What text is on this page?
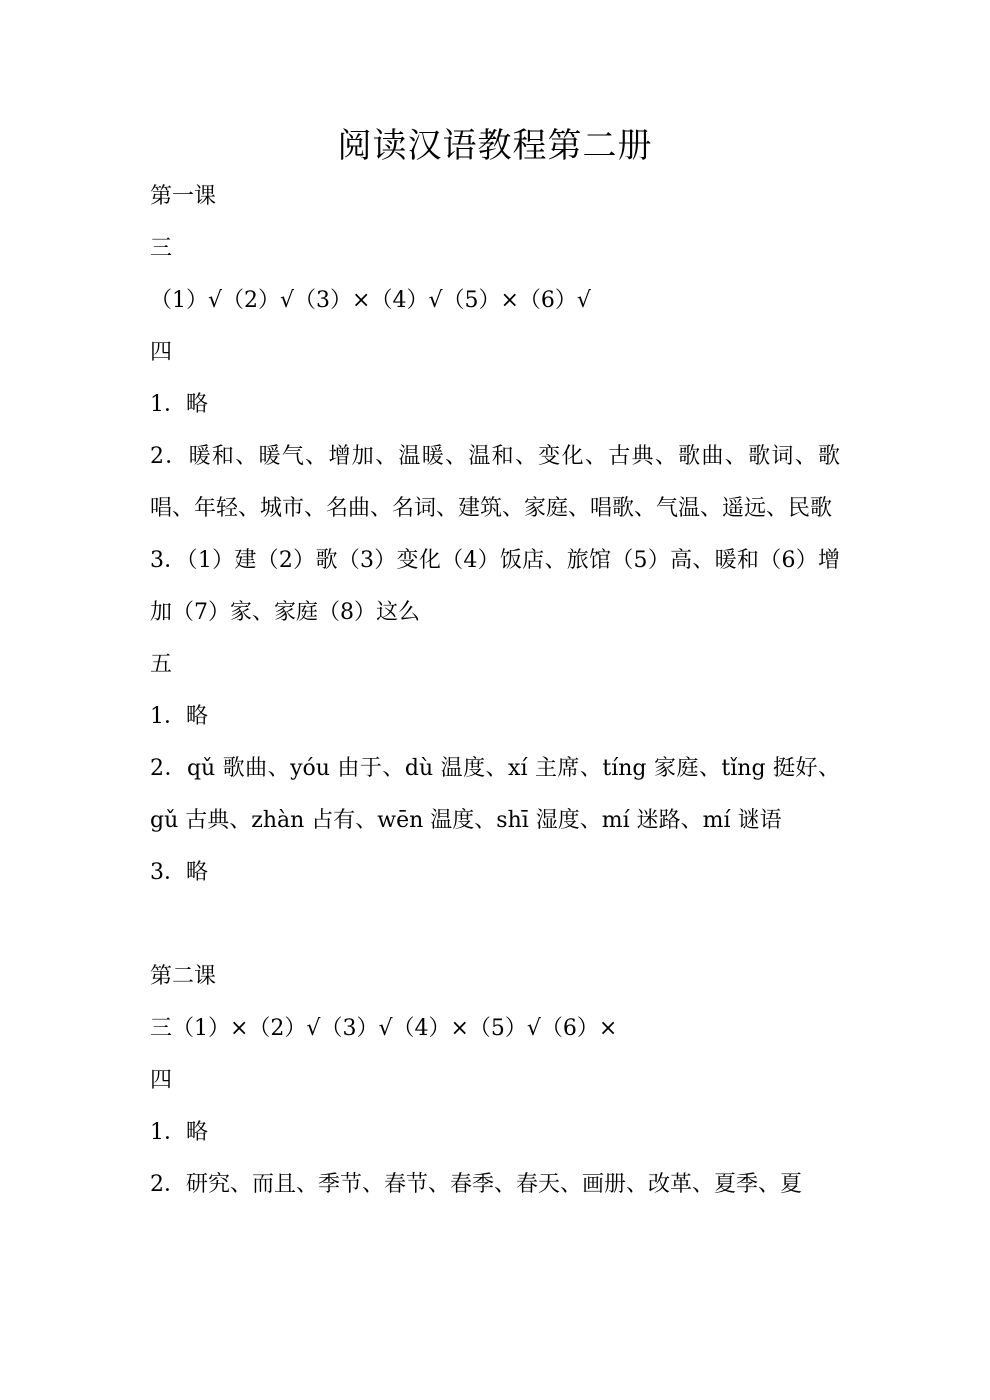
阅读汉语教程第二册
第一课
三
（1）√（2）√（3）×（4）√（5）×（6）√
四
1．略
2．暖和、暖气、增加、温暖、温和、变化、古典、歌曲、歌词、歌唱、年轻、城市、名曲、名词、建筑、家庭、唱歌、气温、遥远、民歌
3．（1）建（2）歌（3）变化（4）饭店、旅馆（5）高、暖和（6）增加（7）家、家庭（8）这么
五
1．略
2．qǔ 歌曲、yóu 由于、dù 温度、xí 主席、tíng 家庭、tǐng 挺好、gǔ 古典、zhàn 占有、wēn 温度、shī 湿度、mí 迷路、mí 谜语
3．略
第二课
三（1）×（2）√（3）√（4）×（5）√（6）×
四
1．略
2．研究、而且、季节、春节、春季、春天、画册、改革、夏季、夏
